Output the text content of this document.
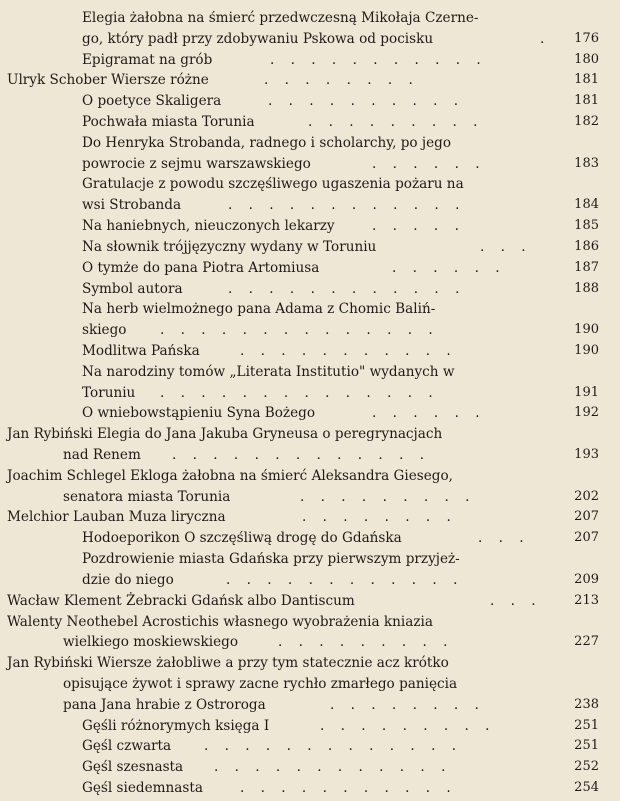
Elegia żałobna na śmierć przedwczesną Mikołaja Czerne-
go, który padł przy zdobywaniu Pskowa od pocisku	. 176
Epigramat na grób	. . . . . . . . . . .	180
Ulryk Schober Wiersze różne	. . . . . . . .	181
O poetyce Skaligera	. . . . . . . . . .	181
Pochwała miasta Torunia	. . . . . . . . .	182
Do Henryka Strobanda, radnego i scholarchy, po jego
powrocie z sejmu warszawskiego	. . . . . .	183
Gratulacje z powodu szczęśliwego ugaszenia pożaru na
wsi Strobanda	. . . . . . . . . . . .	184
Na haniebnych, nieuczonych lekarzy	. . . . .	185
Na słownik trójjęzyczny wydany w Toruniu	. . .	186
O tymże do pana Piotra Artomiusa	. . . . . .	187
Symbol autora	. . . . . . . . . . . .	188
Na herb wielmożnego pana Adama z Chomic Baliń-
skiego . . . . . . . . . . . . . .	190
Modlitwa Pańska	. . . . . . . . . . .	190
Na narodziny tomów „Literata Institutio" wydanych w
Toruniu . . . . . . . . . . . . . .	191
O wniebowstąpieniu Syna Bożego	. . . . . .	192
Jan Rybiński Elegia do Jana Jakuba Gryneusa o peregrynacjach
nad Renem . . . . . . . . . . . . .	193
Joachim Schlegel Ekloga żałobna na śmierć Aleksandra Giesego,
senatora miasta Torunia	. . . . . . . . .	202
Melchior Lauban Muza liryczna	. . . . . . . .	207
Hodoeporikon O szczęśliwą drogę do Gdańska	. . .	207
Pozdrowienie miasta Gdańska przy pierwszym przyjeż-
dzie do niego	. . . . . . . . . . . .	209
Wacław Klement Żebracki Gdańsk albo Dantiscum	. . .	213
Walenty Neothebel Acrostichis własnego wyobrażenia kniazia
wielkiego moskiewskiego	. . . . . . . . .	227
Jan Rybiński Wiersze żałobliwe a przy tym statecznie acz krótko
opisujące żywot i sprawy zacne rychło zmarłego panięcia
pana Jana hrabie z Ostroroga	. . . . . . . .	238
Gęśli różnorymych księga I	. . . . . . . . .	251
Gęśl czwarta . . . . . . . . . . . . .	251
Gęśl szesnasta . . . . . . . . . . . .	252
Gęśl siedemnasta	. . . . . . . . . . .	254
